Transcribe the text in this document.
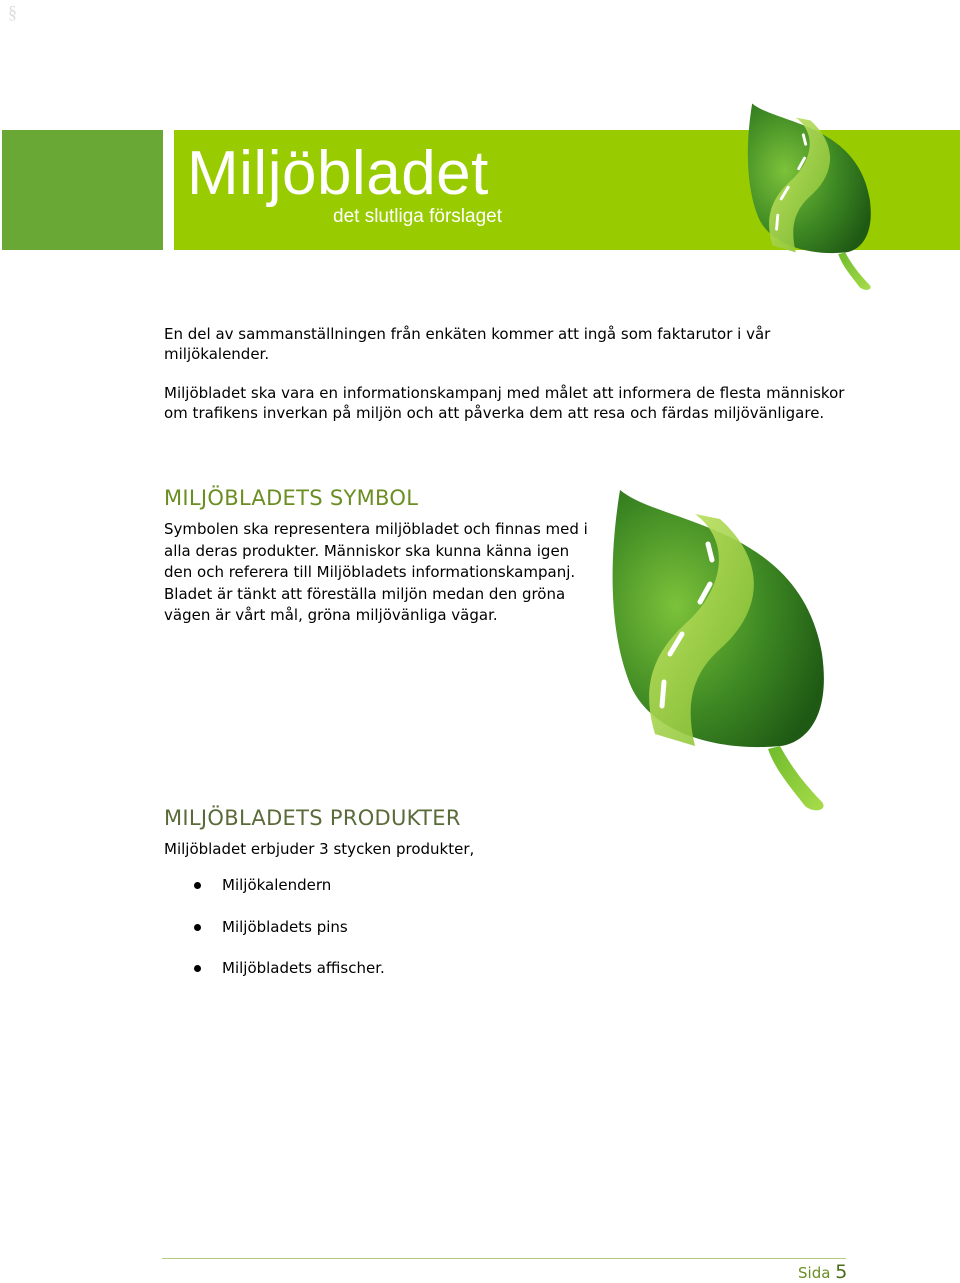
§
Miljöbladet
det slutliga förslaget
En del av sammanställningen från enkäten kommer att ingå som faktarutor i vår miljökalender.
Miljöbladet ska vara en informationskampanj med målet att informera de flesta människor om trafikens inverkan på miljön och att påverka dem att resa och färdas miljövänligare.
MILJÖBLADETS SYMBOL
Symbolen ska representera miljöbladet och finnas med i alla deras produkter. Människor ska kunna känna igen den och referera till Miljöbladets informationskampanj. Bladet är tänkt att föreställa miljön medan den gröna vägen är vårt mål, gröna miljövänliga vägar.
MILJÖBLADETS PRODUKTER
Miljöbladet erbjuder 3 stycken produkter,
Miljökalendern
Miljöbladets pins
Miljöbladets affischer.
Sida 5
